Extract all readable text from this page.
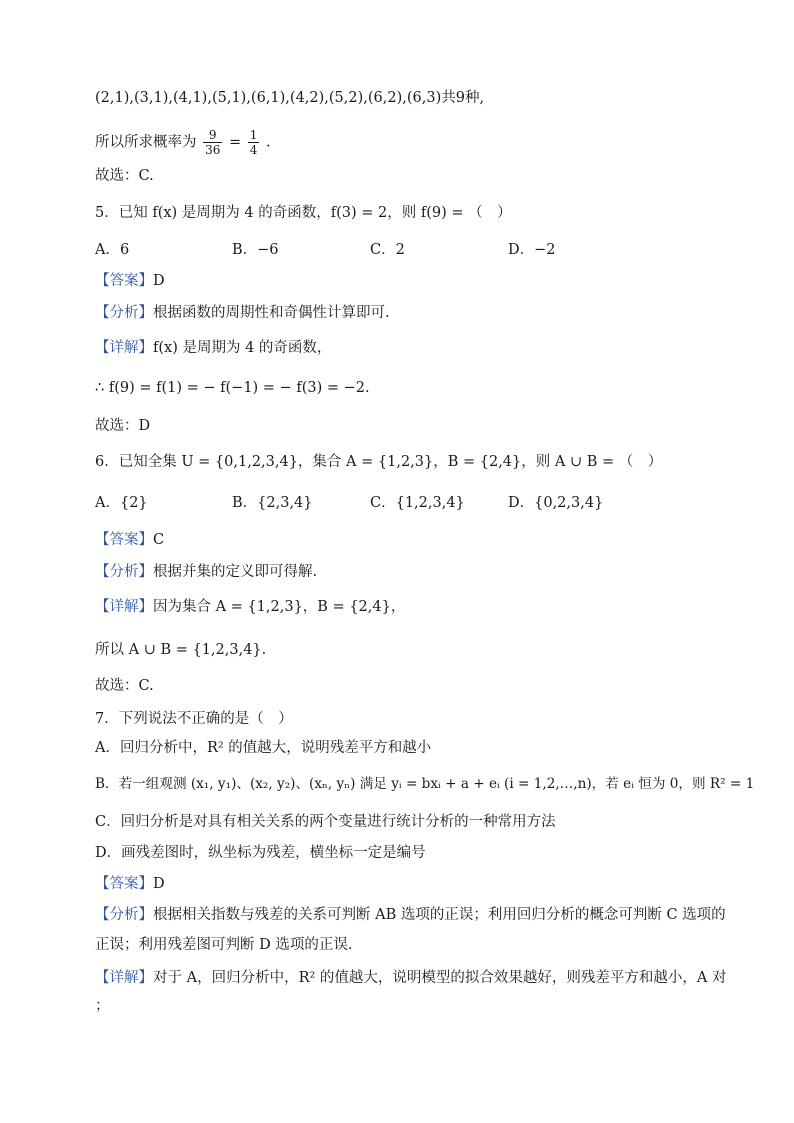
(2,1),(3,1),(4,1),(5,1),(6,1),(4,2),(5,2),(6,2),(6,3)共9种,
所以所求概率为 $\frac{9}{36} = \frac{1}{4}$ .
故选：C.
5．已知 f(x) 是周期为 4 的奇函数，f(3) = 2，则 f(9) = （　）
A．6	B．−6	C．2	D．−2
【答案】D
【分析】根据函数的周期性和奇偶性计算即可.
【详解】f(x) 是周期为 4 的奇函数，
∴ f(9) = f(1) = − f(−1) = − f(3) = −2.
故选：D
6．已知全集 U = {0,1,2,3,4}，集合 A = {1,2,3}，B = {2,4}，则 A ∪ B = （　）
A．{2}	B．{2,3,4}	C．{1,2,3,4}	D．{0,2,3,4}
【答案】C
【分析】根据并集的定义即可得解.
【详解】因为集合 A = {1,2,3}，B = {2,4}，
所以 A ∪ B = {1,2,3,4}.
故选：C.
7．下列说法不正确的是（　）
A．回归分析中，R² 的值越大，说明残差平方和越小
B．若一组观测 (x₁, y₁)、(x₂, y₂)、(xₙ, yₙ) 满足 yᵢ = bxᵢ + a + eᵢ (i = 1,2,…,n)，若 eᵢ 恒为 0，则 R² = 1
C．回归分析是对具有相关关系的两个变量进行统计分析的一种常用方法
D．画残差图时，纵坐标为残差，横坐标一定是编号
【答案】D
【分析】根据相关指数与残差的关系可判断 AB 选项的正误；利用回归分析的概念可判断 C 选项的
正误；利用残差图可判断 D 选项的正误.
【详解】对于 A，回归分析中，R² 的值越大，说明模型的拟合效果越好，则残差平方和越小，A 对
；
